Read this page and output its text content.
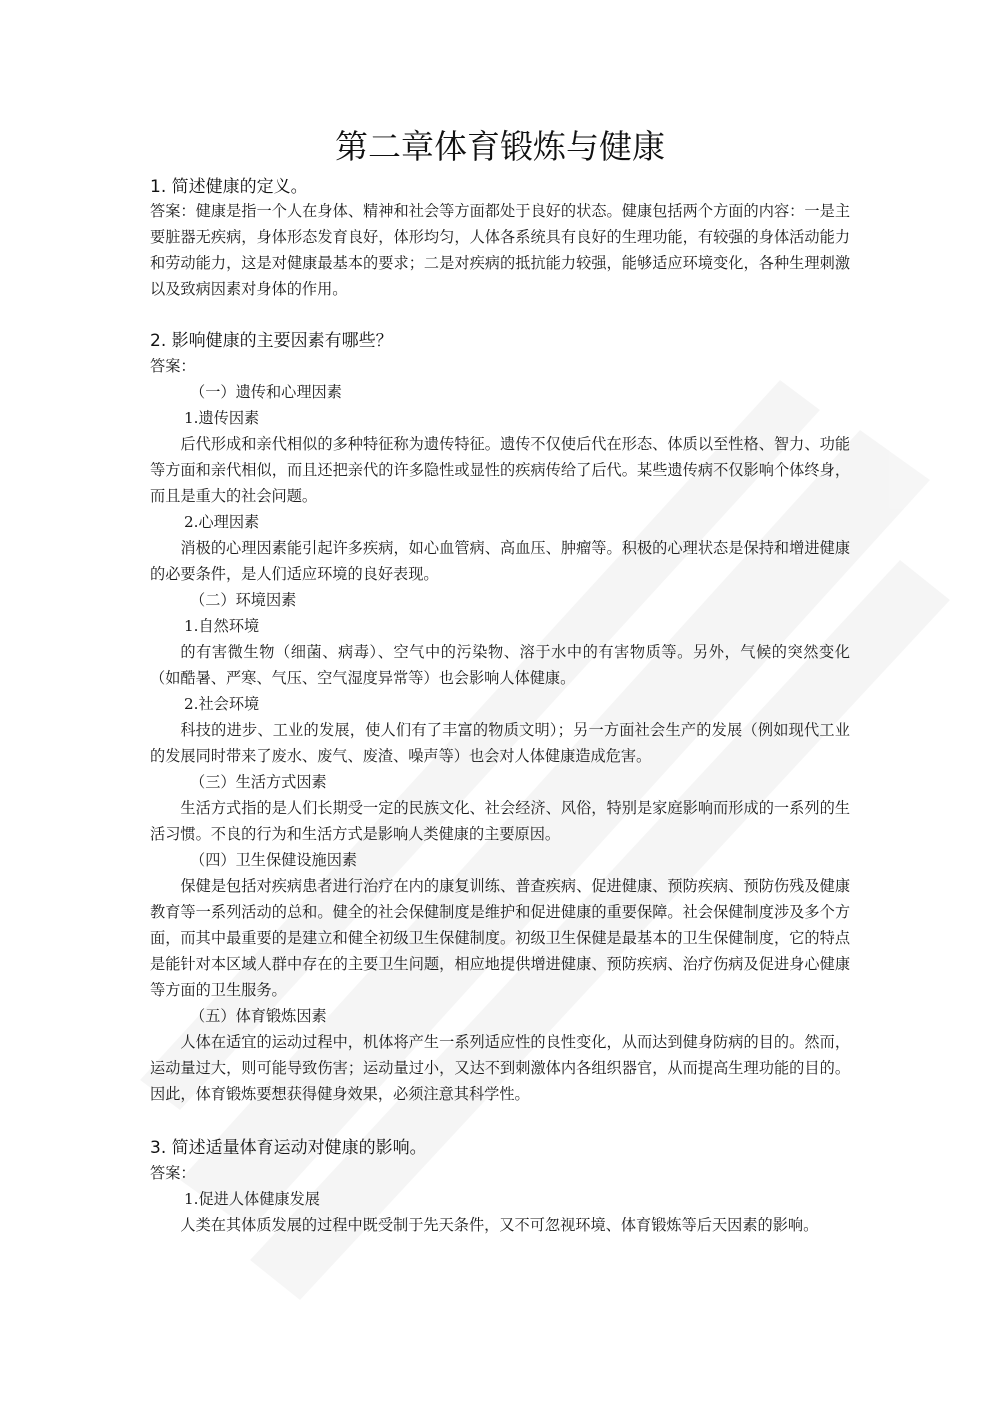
第二章体育锻炼与健康
1. 简述健康的定义。

答案：健康是指一个人在身体、精神和社会等方面都处于良好的状态。健康包括两个方面的内容：一是主要脏器无疾病，身体形态发育良好，体形均匀，人体各系统具有良好的生理功能，有较强的身体活动能力和劳动能力，这是对健康最基本的要求；二是对疾病的抵抗能力较强，能够适应环境变化，各种生理刺激以及致病因素对身体的作用。

2. 影响健康的主要因素有哪些？

答案：

（一）遗传和心理因素

1.遗传因素

后代形成和亲代相似的多种特征称为遗传特征。遗传不仅使后代在形态、体质以至性格、智力、功能等方面和亲代相似，而且还把亲代的许多隐性或显性的疾病传给了后代。某些遗传病不仅影响个体终身，而且是重大的社会问题。

2.心理因素

消极的心理因素能引起许多疾病，如心血管病、高血压、肿瘤等。积极的心理状态是保持和增进健康的必要条件，是人们适应环境的良好表现。

（二）环境因素

1.自然环境

的有害微生物（细菌、病毒）、空气中的污染物、溶于水中的有害物质等。另外，气候的突然变化（如酷暑、严寒、气压、空气湿度异常等）也会影响人体健康。

2.社会环境

科技的进步、工业的发展，使人们有了丰富的物质文明）；另一方面社会生产的发展（例如现代工业的发展同时带来了废水、废气、废渣、噪声等）也会对人体健康造成危害。

（三）生活方式因素

生活方式指的是人们长期受一定的民族文化、社会经济、风俗，特别是家庭影响而形成的一系列的生活习惯。不良的行为和生活方式是影响人类健康的主要原因。

（四）卫生保健设施因素

保健是包括对疾病患者进行治疗在内的康复训练、普查疾病、促进健康、预防疾病、预防伤残及健康教育等一系列活动的总和。健全的社会保健制度是维护和促进健康的重要保障。社会保健制度涉及多个方面，而其中最重要的是建立和健全初级卫生保健制度。初级卫生保健是最基本的卫生保健制度，它的特点是能针对本区域人群中存在的主要卫生问题，相应地提供增进健康、预防疾病、治疗伤病及促进身心健康等方面的卫生服务。

（五）体育锻炼因素

人体在适宜的运动过程中，机体将产生一系列适应性的良性变化，从而达到健身防病的目的。然而，运动量过大，则可能导致伤害；运动量过小，又达不到刺激体内各组织器官，从而提高生理功能的目的。因此，体育锻炼要想获得健身效果，必须注意其科学性。

3. 简述适量体育运动对健康的影响。

答案：

1.促进人体健康发展

人类在其体质发展的过程中既受制于先天条件，又不可忽视环境、体育锻炼等后天因素的影响。
